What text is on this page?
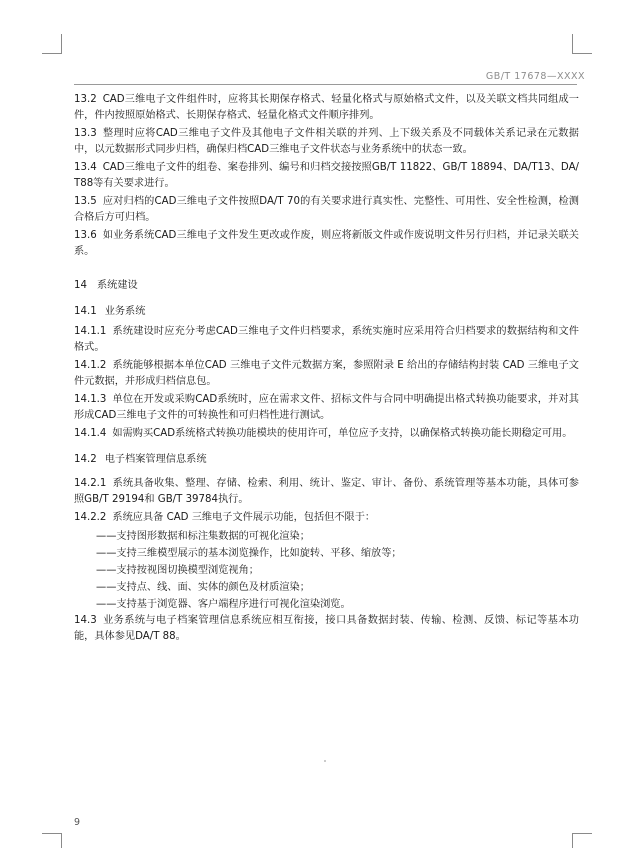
GB/T 17678—XXXX

13.2 CAD三维电子文件组件时，应将其长期保存格式、轻量化格式与原始格式文件，以及关联文档共同组成一件，件内按照原始格式、长期保存格式、轻量化格式文件顺序排列。

13.3 整理时应将CAD三维电子文件及其他电子文件相关联的并列、上下级关系及不同载体关系记录在元数据中，以元数据形式同步归档，确保归档CAD三维电子文件状态与业务系统中的状态一致。

13.4 CAD三维电子文件的组卷、案卷排列、编号和归档交接按照GB/T 11822、GB/T 18894、DA/T13、DA/T88等有关要求进行。

13.5 应对归档的CAD三维电子文件按照DA/T 70的有关要求进行真实性、完整性、可用性、安全性检测，检测合格后方可归档。

13.6 如业务系统CAD三维电子文件发生更改或作废，则应将新版文件或作废说明文件另行归档，并记录关联关系。

14 系统建设
14.1 业务系统

14.1.1 系统建设时应充分考虑CAD三维电子文件归档要求，系统实施时应采用符合归档要求的数据结构和文件格式。

14.1.2 系统能够根据本单位CAD 三维电子文件元数据方案，参照附录 E 给出的存储结构封装 CAD 三维电子文件元数据，并形成归档信息包。

14.1.3 单位在开发或采购CAD系统时，应在需求文件、招标文件与合同中明确提出格式转换功能要求，并对其形成CAD三维电子文件的可转换性和可归档性进行测试。

14.1.4 如需购买CAD系统格式转换功能模块的使用许可，单位应予支持，以确保格式转换功能长期稳定可用。

14.2 电子档案管理信息系统

14.2.1 系统具备收集、整理、存储、检索、利用、统计、鉴定、审计、备份、系统管理等基本功能，具体可参照GB/T 29194和 GB/T 39784执行。

14.2.2 系统应具备 CAD 三维电子文件展示功能，包括但不限于：

——支持图形数据和标注集数据的可视化渲染；
——支持三维模型展示的基本浏览操作，比如旋转、平移、缩放等；
——支持按视图切换模型浏览视角；
——支持点、线、面、实体的颜色及材质渲染；
——支持基于浏览器、客户端程序进行可视化渲染浏览。

14.3 业务系统与电子档案管理信息系统应相互衔接，接口具备数据封装、传输、检测、反馈、标记等基本功能，具体参见DA/T 88。

9
